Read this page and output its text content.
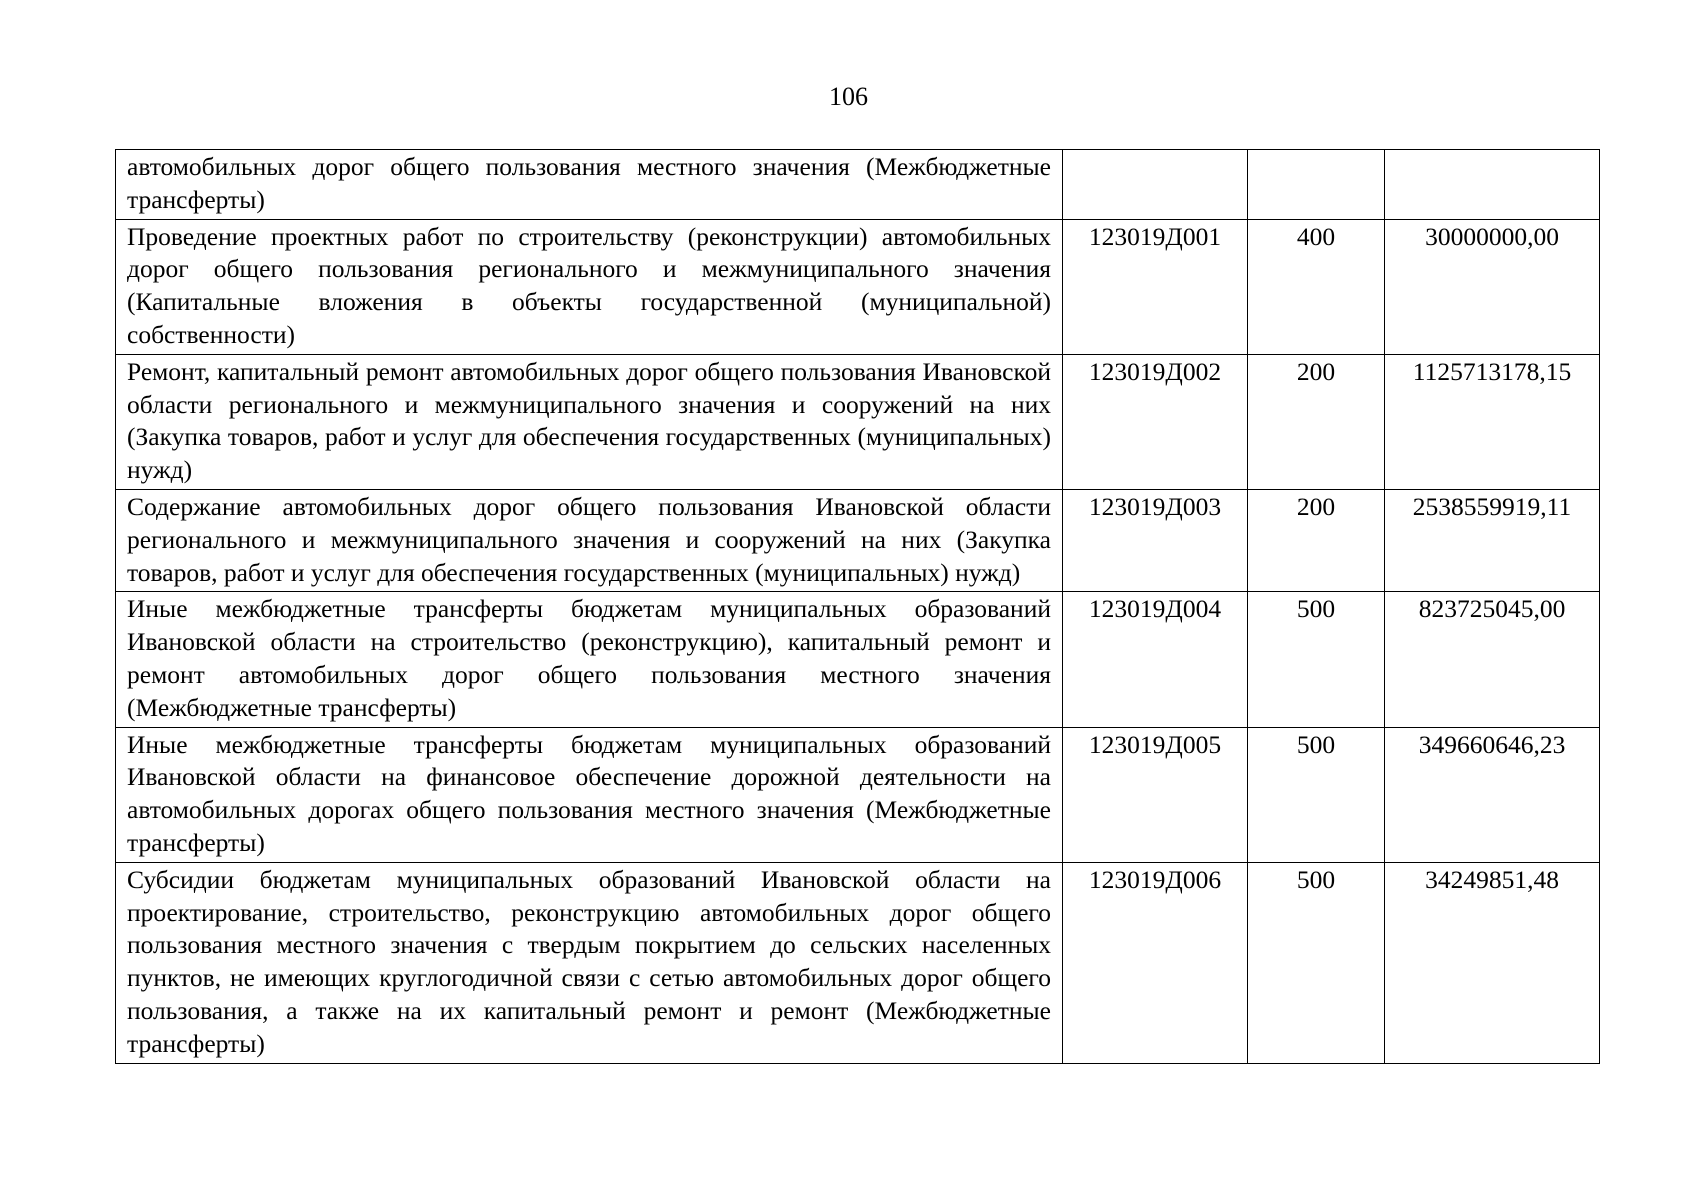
106
автомобильных дорог общего пользования местного значения (Межбюджетные трансферты)			
Проведение проектных работ по строительству (реконструкции) автомобильных дорог общего пользования регионального и межмуниципального значения (Капитальные вложения в объекты государственной (муниципальной) собственности)	123019Д001	400	30000000,00
Ремонт, капитальный ремонт автомобильных дорог общего пользования Ивановской области регионального и межмуниципального значения и сооружений на них (Закупка товаров, работ и услуг для обеспечения государственных (муниципальных) нужд)	123019Д002	200	1125713178,15
Содержание автомобильных дорог общего пользования Ивановской области регионального и межмуниципального значения и сооружений на них (Закупка товаров, работ и услуг для обеспечения государственных (муниципальных) нужд)	123019Д003	200	2538559919,11
Иные межбюджетные трансферты бюджетам муниципальных образований Ивановской области на строительство (реконструкцию), капитальный ремонт и ремонт автомобильных дорог общего пользования местного значения (Межбюджетные трансферты)	123019Д004	500	823725045,00
Иные межбюджетные трансферты бюджетам муниципальных образований Ивановской области на финансовое обеспечение дорожной деятельности на автомобильных дорогах общего пользования местного значения (Межбюджетные трансферты)	123019Д005	500	349660646,23
Субсидии бюджетам муниципальных образований Ивановской области на проектирование, строительство, реконструкцию автомобильных дорог общего пользования местного значения с твердым покрытием до сельских населенных пунктов, не имеющих круглогодичной связи с сетью автомобильных дорог общего пользования, а также на их капитальный ремонт и ремонт (Межбюджетные трансферты)	123019Д006	500	34249851,48
